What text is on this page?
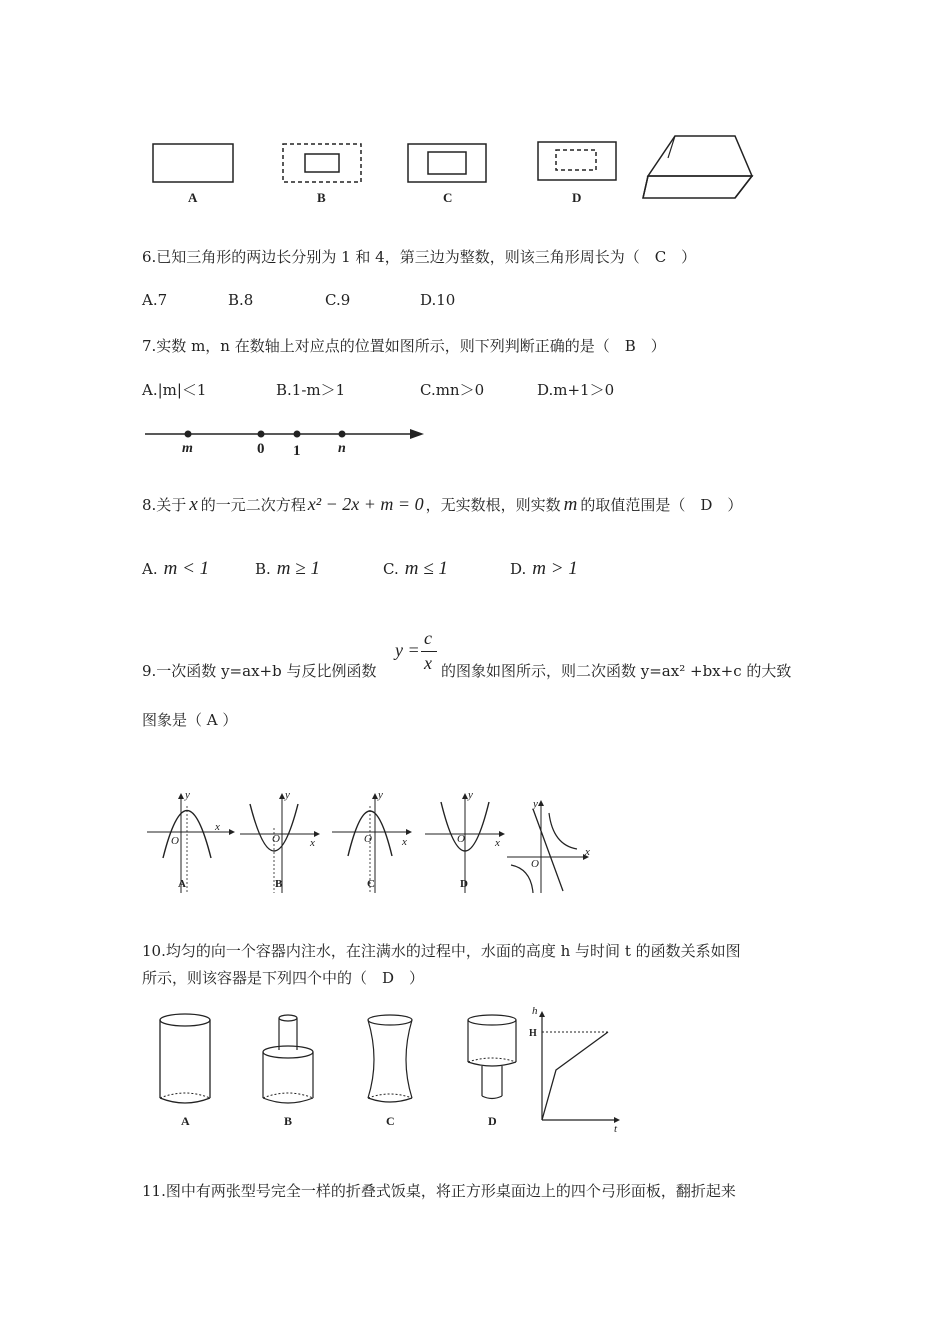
A	B	C	D
6.已知三角形的两边长分别为 1 和 4，第三边为整数，则该三角形周长为（　C　）
A.7	B.8	C.9	D.10
7.实数 m，n 在数轴上对应点的位置如图所示，则下列判断正确的是（　B　）
A.|m|＜1	B.1-m＞1	C.mn＞0	D.m+1＞0
m	0 1	n
8.关于 x 的一元二次方程 x² − 2x + m = 0 ，无实数根，则实数 m 的取值范围是（　D　）
A. m < 1	B. m ≥ 1	C. m ≤ 1	D. m > 1
9.一次函数 y=ax+b 与反比例函数
y =
c
x 的图象如图所示，则二次函数 y=ax² +bx+c 的大致
图象是（ A ）
y
x
O
A
y
x
O
B
y
x
O
C
y
x
O
D
y
x
O
10.均匀的向一个容器内注水，在注满水的过程中，水面的高度 h 与时间 t 的函数关系如图
所示，则该容器是下列四个中的（　D　）
A	B	C	D
h
H
t
11.图中有两张型号完全一样的折叠式饭桌，将正方形桌面边上的四个弓形面板，翻折起来
